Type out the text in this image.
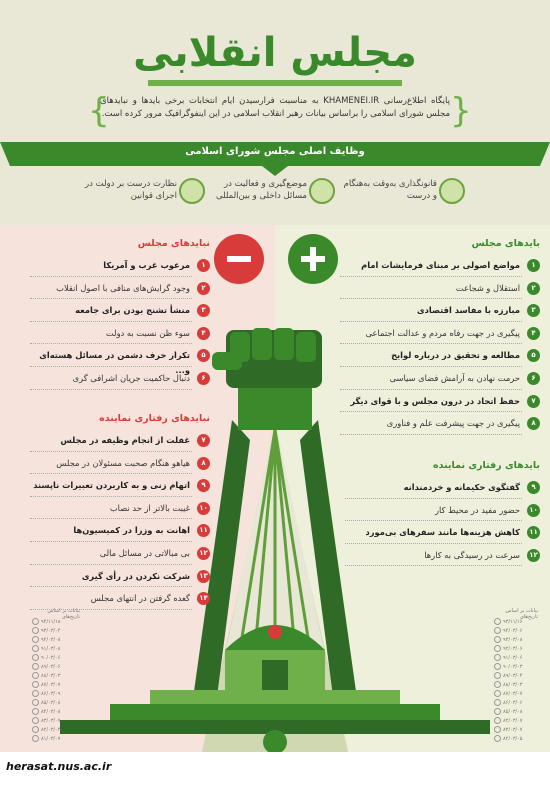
مجلس انقلابی
{	}
پایگاه اطلاع‌رسانی KHAMENEI.IR به مناسبت فرارسیدن ایام انتخابات برخی بایدها و نبایدهای مجلس شورای اسلامی را براساس بیانات رهبر انقلاب اسلامی در این اینفوگرافیک مرور کرده است.
وظایف اصلی مجلس شورای اسلامی
قانونگذاری به‌وقت به‌هنگام و درست
موضع‌گیری و فعالیت در مسائل داخلی و بین‌المللی
نظارت درست بر دولت در اجرای قوانین
بایدهای مجلس
۱
مواضع اصولی بر مبنای فرمایشات امام
۲
استقلال و شجاعت
۳
مبارزه با مفاسد اقتصادی
۴
پیگیری در جهت رفاه مردم و عدالت اجتماعی
۵
مطالعه و تحقیق در درباره لوایح
۶
حرمت نهادن به آرامش فضای سیاسی
۷
حفظ اتحاد در درون مجلس و با قوای دیگر
۸
پیگیری در جهت پیشرفت علم و فناوری
بایدهای رفتاری نماینده
۹
گفتگوی حکیمانه و خردمندانه
۱۰
حضور مفید در محیط کار
۱۱
کاهش هزینه‌ها مانند سفرهای بی‌مورد
۱۲
سرعت در رسیدگی به کارها
نبایدهای مجلس
۱
مرعوب غرب و آمریکا
۲
وجود گرایش‌های منافی با اصول انقلاب
۳
منشأ تشنج بودن برای جامعه
۴
سوء ظن نسبت به دولت
۵
تکرار حرف دشمن در مسائل هسته‌ای و...
۶
دنبال حاکمیت جریان اشرافی گری
نبایدهای رفتاری نماینده
۷
غفلت از انجام وظیفه در مجلس
۸
هیاهو هنگام صحبت مسئولان در مجلس
۹
اتهام زنی و به کاربردن تعبیرات ناپسند
۱۰
غیبت بالاتر از حد نصاب
۱۱
اهانت به وزرا در کمیسیون‌ها
۱۲
بی مبالاتی در مسائل مالی
۱۳
شرکت نکردن در رأی گیری
۱۴
گعده گرفتن در انتهای مجلس
بیانات بر اساس تاریخ‌های
۹۳/۱۱/۱۶
۹۴/۰۳/۰۶
۹۳/۰۳/۰۸
۹۲/۰۳/۰۶
۹۱/۰۳/۰۶
۹۰/۰۳/۰۳
۸۹/۰۳/۰۴
۸۸/۰۳/۰۳
۸۷/۰۳/۰۷
۸۶/۰۳/۰۶
۸۵/۰۳/۰۸
۸۴/۰۳/۰۷
۸۳/۰۳/۰۷
۸۲/۰۳/۰۵
بیانات بر اساس تاریخ‌های
۹۴/۱۱/۱۸
۹۳/۰۳/۰۴
۹۲/۰۳/۰۸
۹۱/۰۳/۰۸
۹۰/۰۳/۰۶
۸۹/۰۳/۰۶
۸۸/۰۳/۰۳
۸۷/۰۳/۰۷
۸۶/۰۳/۰۹
۸۵/۰۳/۰۸
۸۴/۰۳/۰۸
۸۳/۰۳/۰۷
۸۲/۰۳/۰۴
۸۱/۰۳/۰۷
herasat.nus.ac.ir
